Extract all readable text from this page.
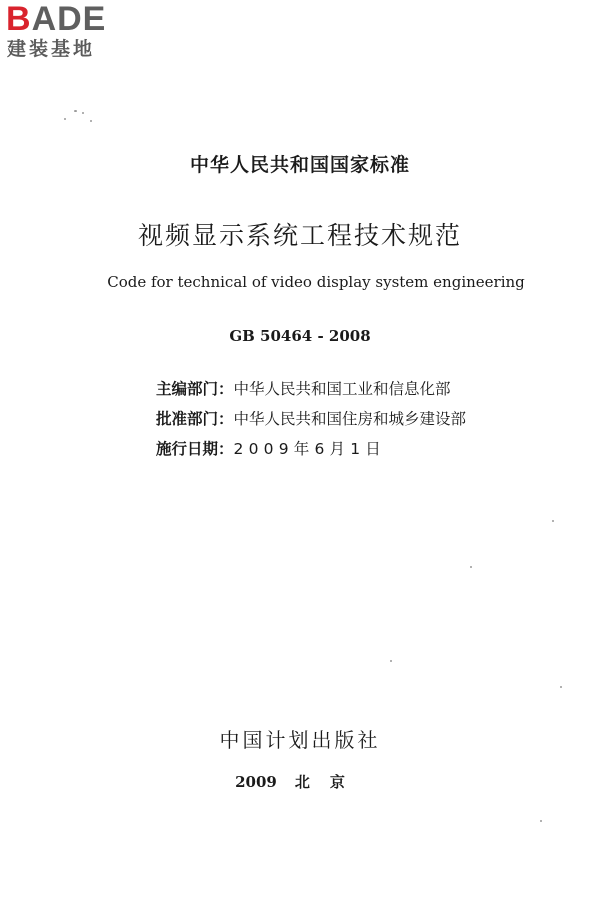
BADE
建装基地
中华人民共和国国家标准
视频显示系统工程技术规范
Code for technical of video display system engineering
GB 50464 - 2008
主编部门： 中华人民共和国工业和信息化部
批准部门： 中华人民共和国住房和城乡建设部
施行日期： 2009年6月1日
中国计划出版社
2009 北京
